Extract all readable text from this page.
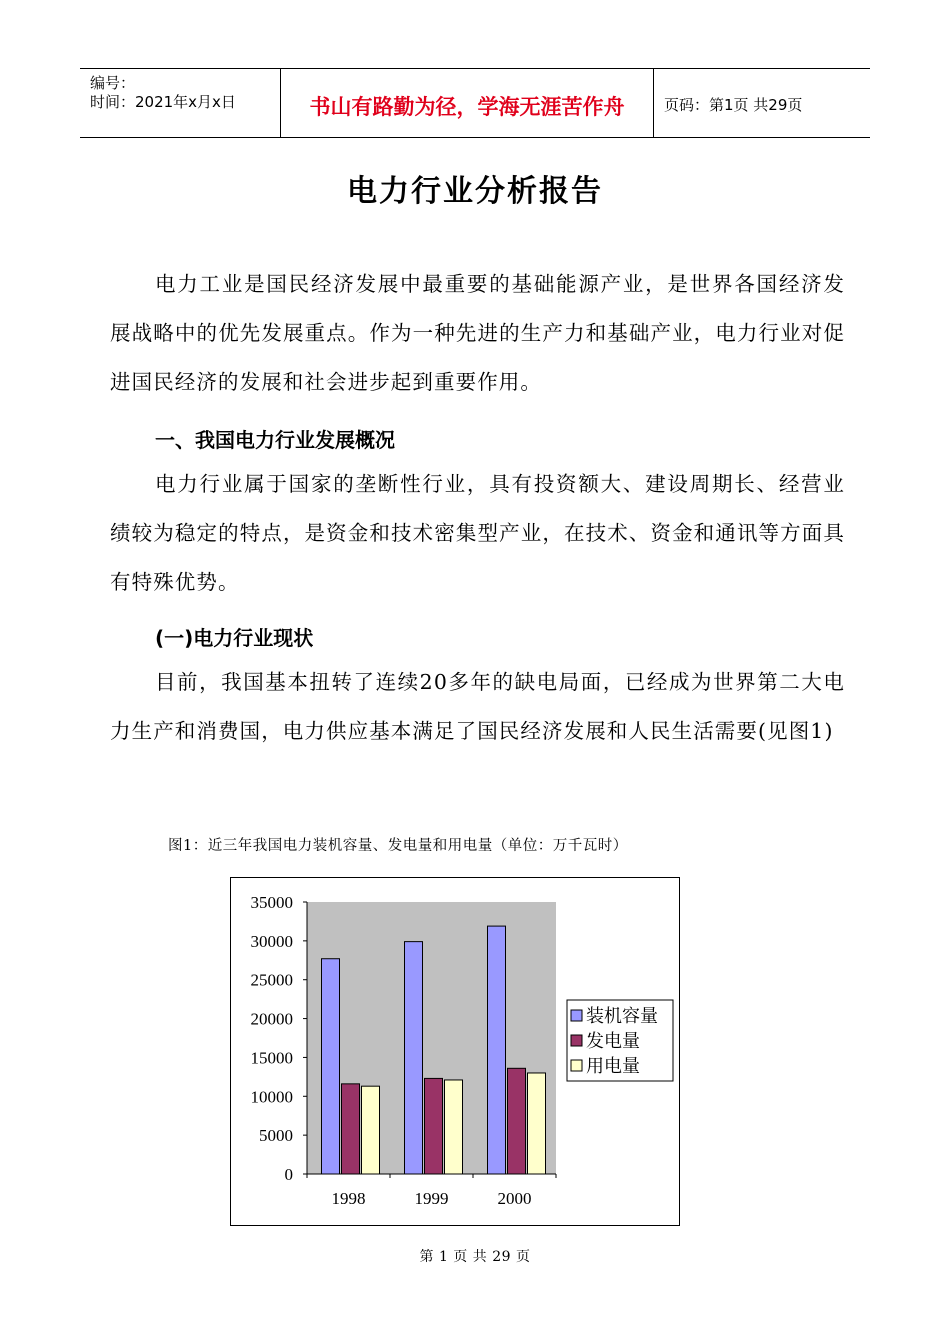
编号：
时间：2021年x月x日	书山有路勤为径，学海无涯苦作舟	页码：第1页 共29页
电力行业分析报告
电力工业是国民经济发展中最重要的基础能源产业，是世界各国经济发展战略中的优先发展重点。作为一种先进的生产力和基础产业，电力行业对促进国民经济的发展和社会进步起到重要作用。
一、我国电力行业发展概况
电力行业属于国家的垄断性行业，具有投资额大、建设周期长、经营业绩较为稳定的特点，是资金和技术密集型产业，在技术、资金和通讯等方面具有特殊优势。
(一)电力行业现状
目前，我国基本扭转了连续20多年的缺电局面，已经成为世界第二大电力生产和消费国，电力供应基本满足了国民经济发展和人民生活需要(见图1)
图1：近三年我国电力装机容量、发电量和用电量（单位：万千瓦时）
35000
30000
25000
20000
15000
10000
5000
0
1998	1999	2000
装机容量
发电量
用电量
第 1 页 共 29 页
